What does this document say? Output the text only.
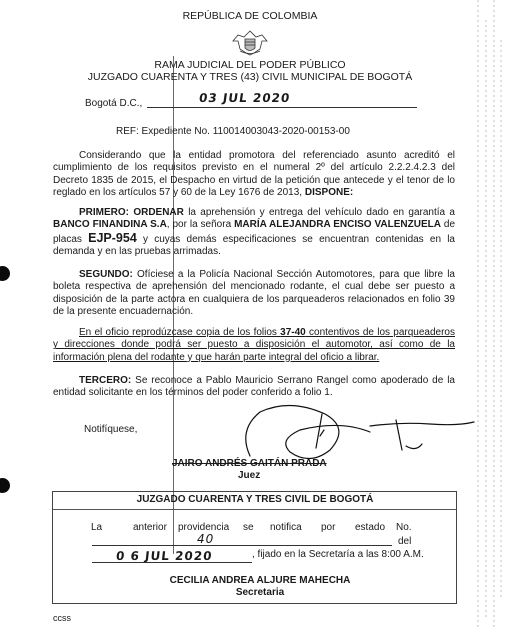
REPÚBLICA DE COLOMBIA
RAMA JUDICIAL DEL PODER PÚBLICO
JUZGADO CUARENTA Y TRES (43) CIVIL MUNICIPAL DE BOGOTÁ
Bogotá D.C.,	03 JUL 2020
REF: Expediente No. 110014003043-2020-00153-00
Considerando que la entidad promotora del referenciado asunto acreditó el cumplimiento de los requisitos previsto en el numeral 2º del artículo 2.2.2.4.2.3 del Decreto 1835 de 2015, el Despacho en virtud de la petición que antecede y el tenor de lo reglado en los artículos 57 y 60 de la Ley 1676 de 2013, DISPONE:
PRIMERO: ORDENAR la aprehensión y entrega del vehículo dado en garantía a BANCO FINANDINA S.A, por la señora MARÍA ALEJANDRA ENCISO VALENZUELA de placas EJP-954 y cuyas demás especificaciones se encuentran contenidas en la demanda y en las pruebas arrimadas.
SEGUNDO: Ofíciese a la Policía Nacional Sección Automotores, para que libre la boleta respectiva de aprehensión del mencionado rodante, el cual debe ser puesto a disposición de la parte actora en cualquiera de los parqueaderos relacionados en folio 39 de la presente encuadernación.
En el oficio reprodúzcase copia de los folios 37-40 contentivos de los parqueaderos y direcciones donde podrá ser puesto a disposición el automotor, así como de la información plena del rodante y que harán parte integral del oficio a librar.
TERCERO: Se reconoce a Pablo Mauricio Serrano Rangel como apoderado de la entidad solicitante en los términos del poder conferido a folio 1.
Notifíquese,
JAIRO ANDRÉS GAITÁN PRADA
Juez
JUZGADO CUARENTA Y TRES CIVIL DE BOGOTÁ
La	anterior providencia se notifica por estado No.
40	del
0 6 JUL 2020	, fijado en la Secretaría a las 8:00 A.M.
CECILIA ANDREA ALJURE MAHECHA
Secretaria
ccss
